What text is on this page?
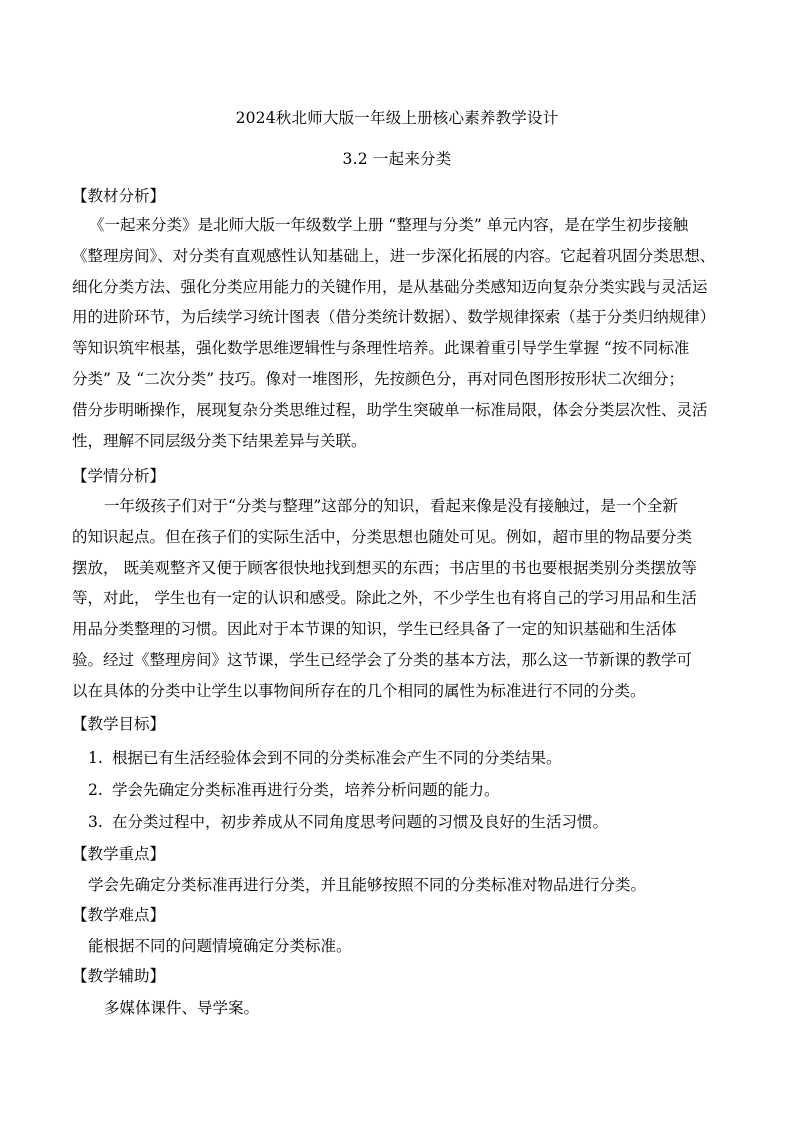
2024秋北师大版一年级上册核心素养教学设计
3.2 一起来分类
【教材分析】
《一起来分类》是北师大版一年级数学上册 “整理与分类” 单元内容，是在学生初步接触
《整理房间》、对分类有直观感性认知基础上，进一步深化拓展的内容。它起着巩固分类思想、
细化分类方法、强化分类应用能力的关键作用，是从基础分类感知迈向复杂分类实践与灵活运
用的进阶环节，为后续学习统计图表（借分类统计数据）、数学规律探索（基于分类归纳规律）
等知识筑牢根基，强化数学思维逻辑性与条理性培养。此课着重引导学生掌握 “按不同标准
分类” 及 “二次分类” 技巧。像对一堆图形，先按颜色分，再对同色图形按形状二次细分；
借分步明晰操作，展现复杂分类思维过程，助学生突破单一标准局限，体会分类层次性、灵活
性，理解不同层级分类下结果差异与关联。
【学情分析】
一年级孩子们对于“分类与整理”这部分的知识，看起来像是没有接触过，是一个全新
的知识起点。但在孩子们的实际生活中，分类思想也随处可见。例如，超市里的物品要分类
摆放， 既美观整齐又便于顾客很快地找到想买的东西；书店里的书也要根据类别分类摆放等
等，对此， 学生也有一定的认识和感受。除此之外，不少学生也有将自己的学习用品和生活
用品分类整理的习惯。因此对于本节课的知识，学生已经具备了一定的知识基础和生活体
验。经过《整理房间》这节课，学生已经学会了分类的基本方法，那么这一节新课的教学可
以在具体的分类中让学生以事物间所存在的几个相同的属性为标准进行不同的分类。
【教学目标】
1. 根据已有生活经验体会到不同的分类标准会产生不同的分类结果。
2. 学会先确定分类标准再进行分类，培养分析问题的能力。
3. 在分类过程中，初步养成从不同角度思考问题的习惯及良好的生活习惯。
【教学重点】
学会先确定分类标准再进行分类，并且能够按照不同的分类标准对物品进行分类。
【教学难点】
能根据不同的问题情境确定分类标准。
【教学辅助】
多媒体课件、导学案。
